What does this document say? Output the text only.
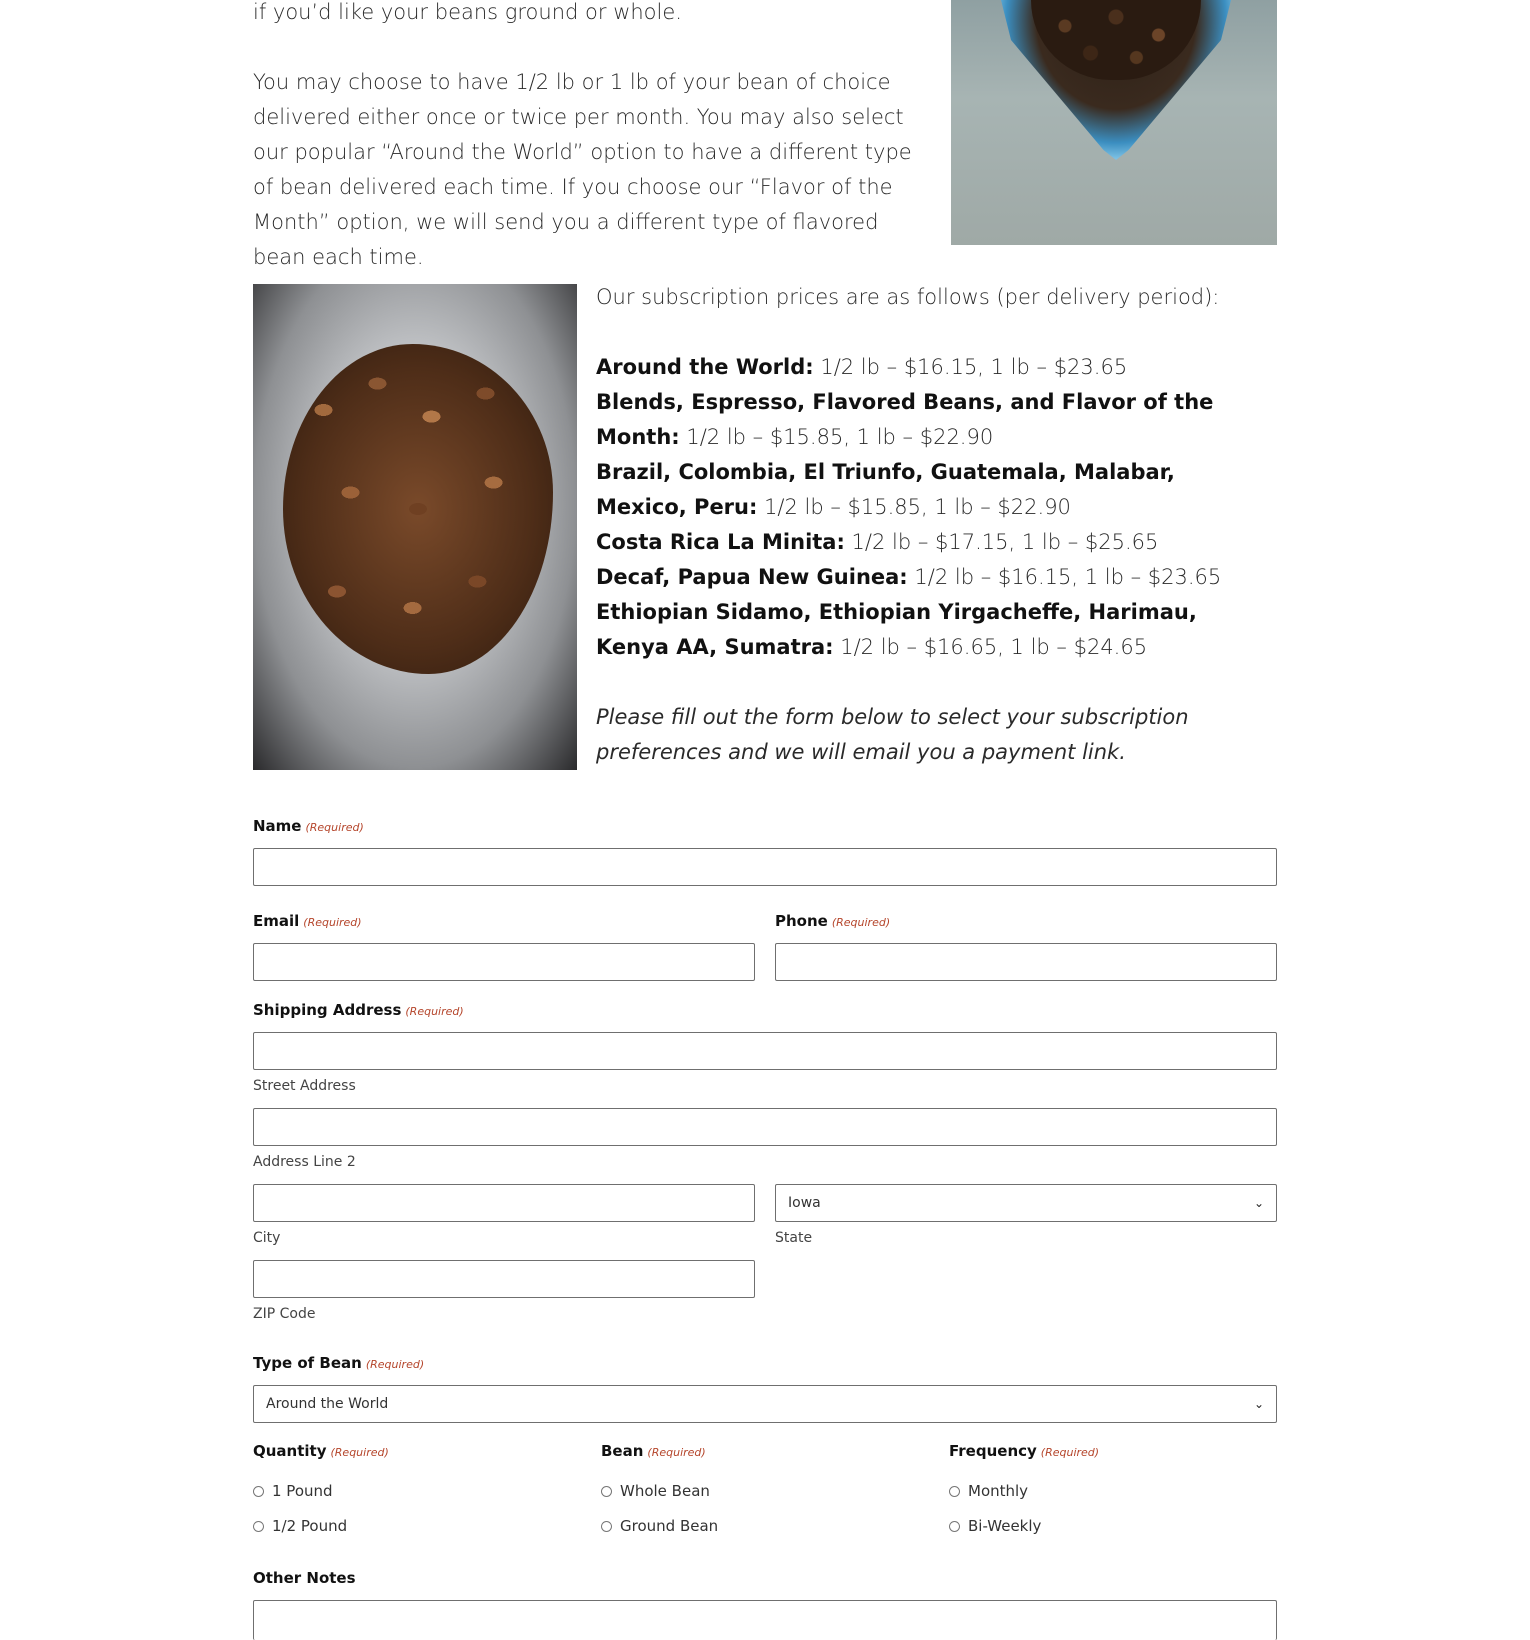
if you’d like your beans ground or whole.

You may choose to have 1/2 lb or 1 lb of your bean of choice delivered either once or twice per month. You may also select our popular “Around the World” option to have a different type of bean delivered each time. If you choose our “Flavor of the Month” option, we will send you a different type of flavored bean each time.

Our subscription prices are as follows (per delivery period):

Around the World: 1/2 lb – $16.15, 1 lb – $23.65

Blends, Espresso, Flavored Beans, and Flavor of the Month: 1/2 lb – $15.85, 1 lb – $22.90

Brazil, Colombia, El Triunfo, Guatemala, Malabar, Mexico, Peru: 1/2 lb – $15.85, 1 lb – $22.90

Costa Rica La Minita: 1/2 lb – $17.15, 1 lb – $25.65

Decaf, Papua New Guinea: 1/2 lb – $16.15, 1 lb – $23.65

Ethiopian Sidamo, Ethiopian Yirgacheffe, Harimau, Kenya AA, Sumatra: 1/2 lb – $16.65, 1 lb – $24.65

Please fill out the form below to select your subscription preferences and we will email you a payment link.

Name (Required)
Email (Required)	Phone (Required)
Shipping Address (Required)
Street Address
Address Line 2
City
Iowa	⌄
State
ZIP Code
Type of Bean (Required)
Around the World	⌄
Quantity (Required)
1 Pound
1/2 Pound
Bean (Required)
Whole Bean
Ground Bean
Frequency (Required)
Monthly
Bi-Weekly
Other Notes
